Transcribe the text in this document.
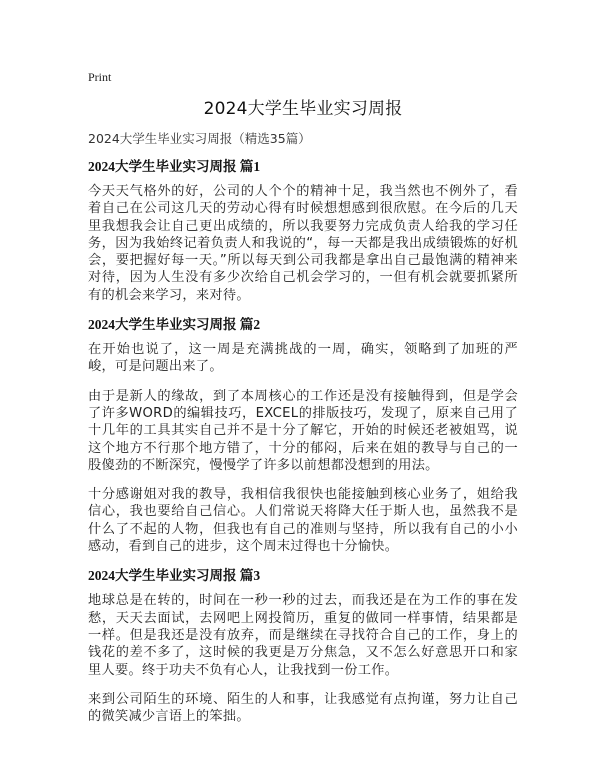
Print
2024大学生毕业实习周报
2024大学生毕业实习周报（精选35篇）
2024大学生毕业实习周报 篇1

今天天气格外的好，公司的人个个的精神十足，我当然也不例外了，看着自己在公司这几天的劳动心得有时候想想感到很欣慰。在今后的几天里我想我会让自己更出成绩的，所以我要努力完成负责人给我的学习任务，因为我始终记着负责人和我说的“，每一天都是我出成绩锻炼的好机会，要把握好每一天。”所以每天到公司我都是拿出自己最饱满的精神来对待，因为人生没有多少次给自己机会学习的，一但有机会就要抓紧所有的机会来学习，来对待。

2024大学生毕业实习周报 篇2

在开始也说了，这一周是充满挑战的一周，确实，领略到了加班的严峻，可是问题出来了。

由于是新人的缘故，到了本周核心的工作还是没有接触得到，但是学会了许多WORD的编辑技巧，EXCEL的排版技巧，发现了，原来自己用了十几年的工具其实自己并不是十分了解它，开始的时候还老被姐骂，说这个地方不行那个地方错了，十分的郁闷，后来在姐的教导与自己的一股傻劲的不断深究，慢慢学了许多以前想都没想到的用法。

十分感谢姐对我的教导，我相信我很快也能接触到核心业务了，姐给我信心，我也要给自己信心。人们常说天将降大任于斯人也，虽然我不是什么了不起的人物，但我也有自己的准则与坚持，所以我有自己的小小感动，看到自己的进步，这个周末过得也十分愉快。

2024大学生毕业实习周报 篇3

地球总是在转的，时间在一秒一秒的过去，而我还是在为工作的事在发愁，天天去面试，去网吧上网投简历，重复的做同一样事情，结果都是一样。但是我还是没有放弃，而是继续在寻找符合自己的工作，身上的钱花的差不多了，这时候的我更是万分焦急，又不怎么好意思开口和家里人要。终于功夫不负有心人，让我找到一份工作。

来到公司陌生的环境、陌生的人和事，让我感觉有点拘谨，努力让自己的微笑减少言语上的笨拙。
